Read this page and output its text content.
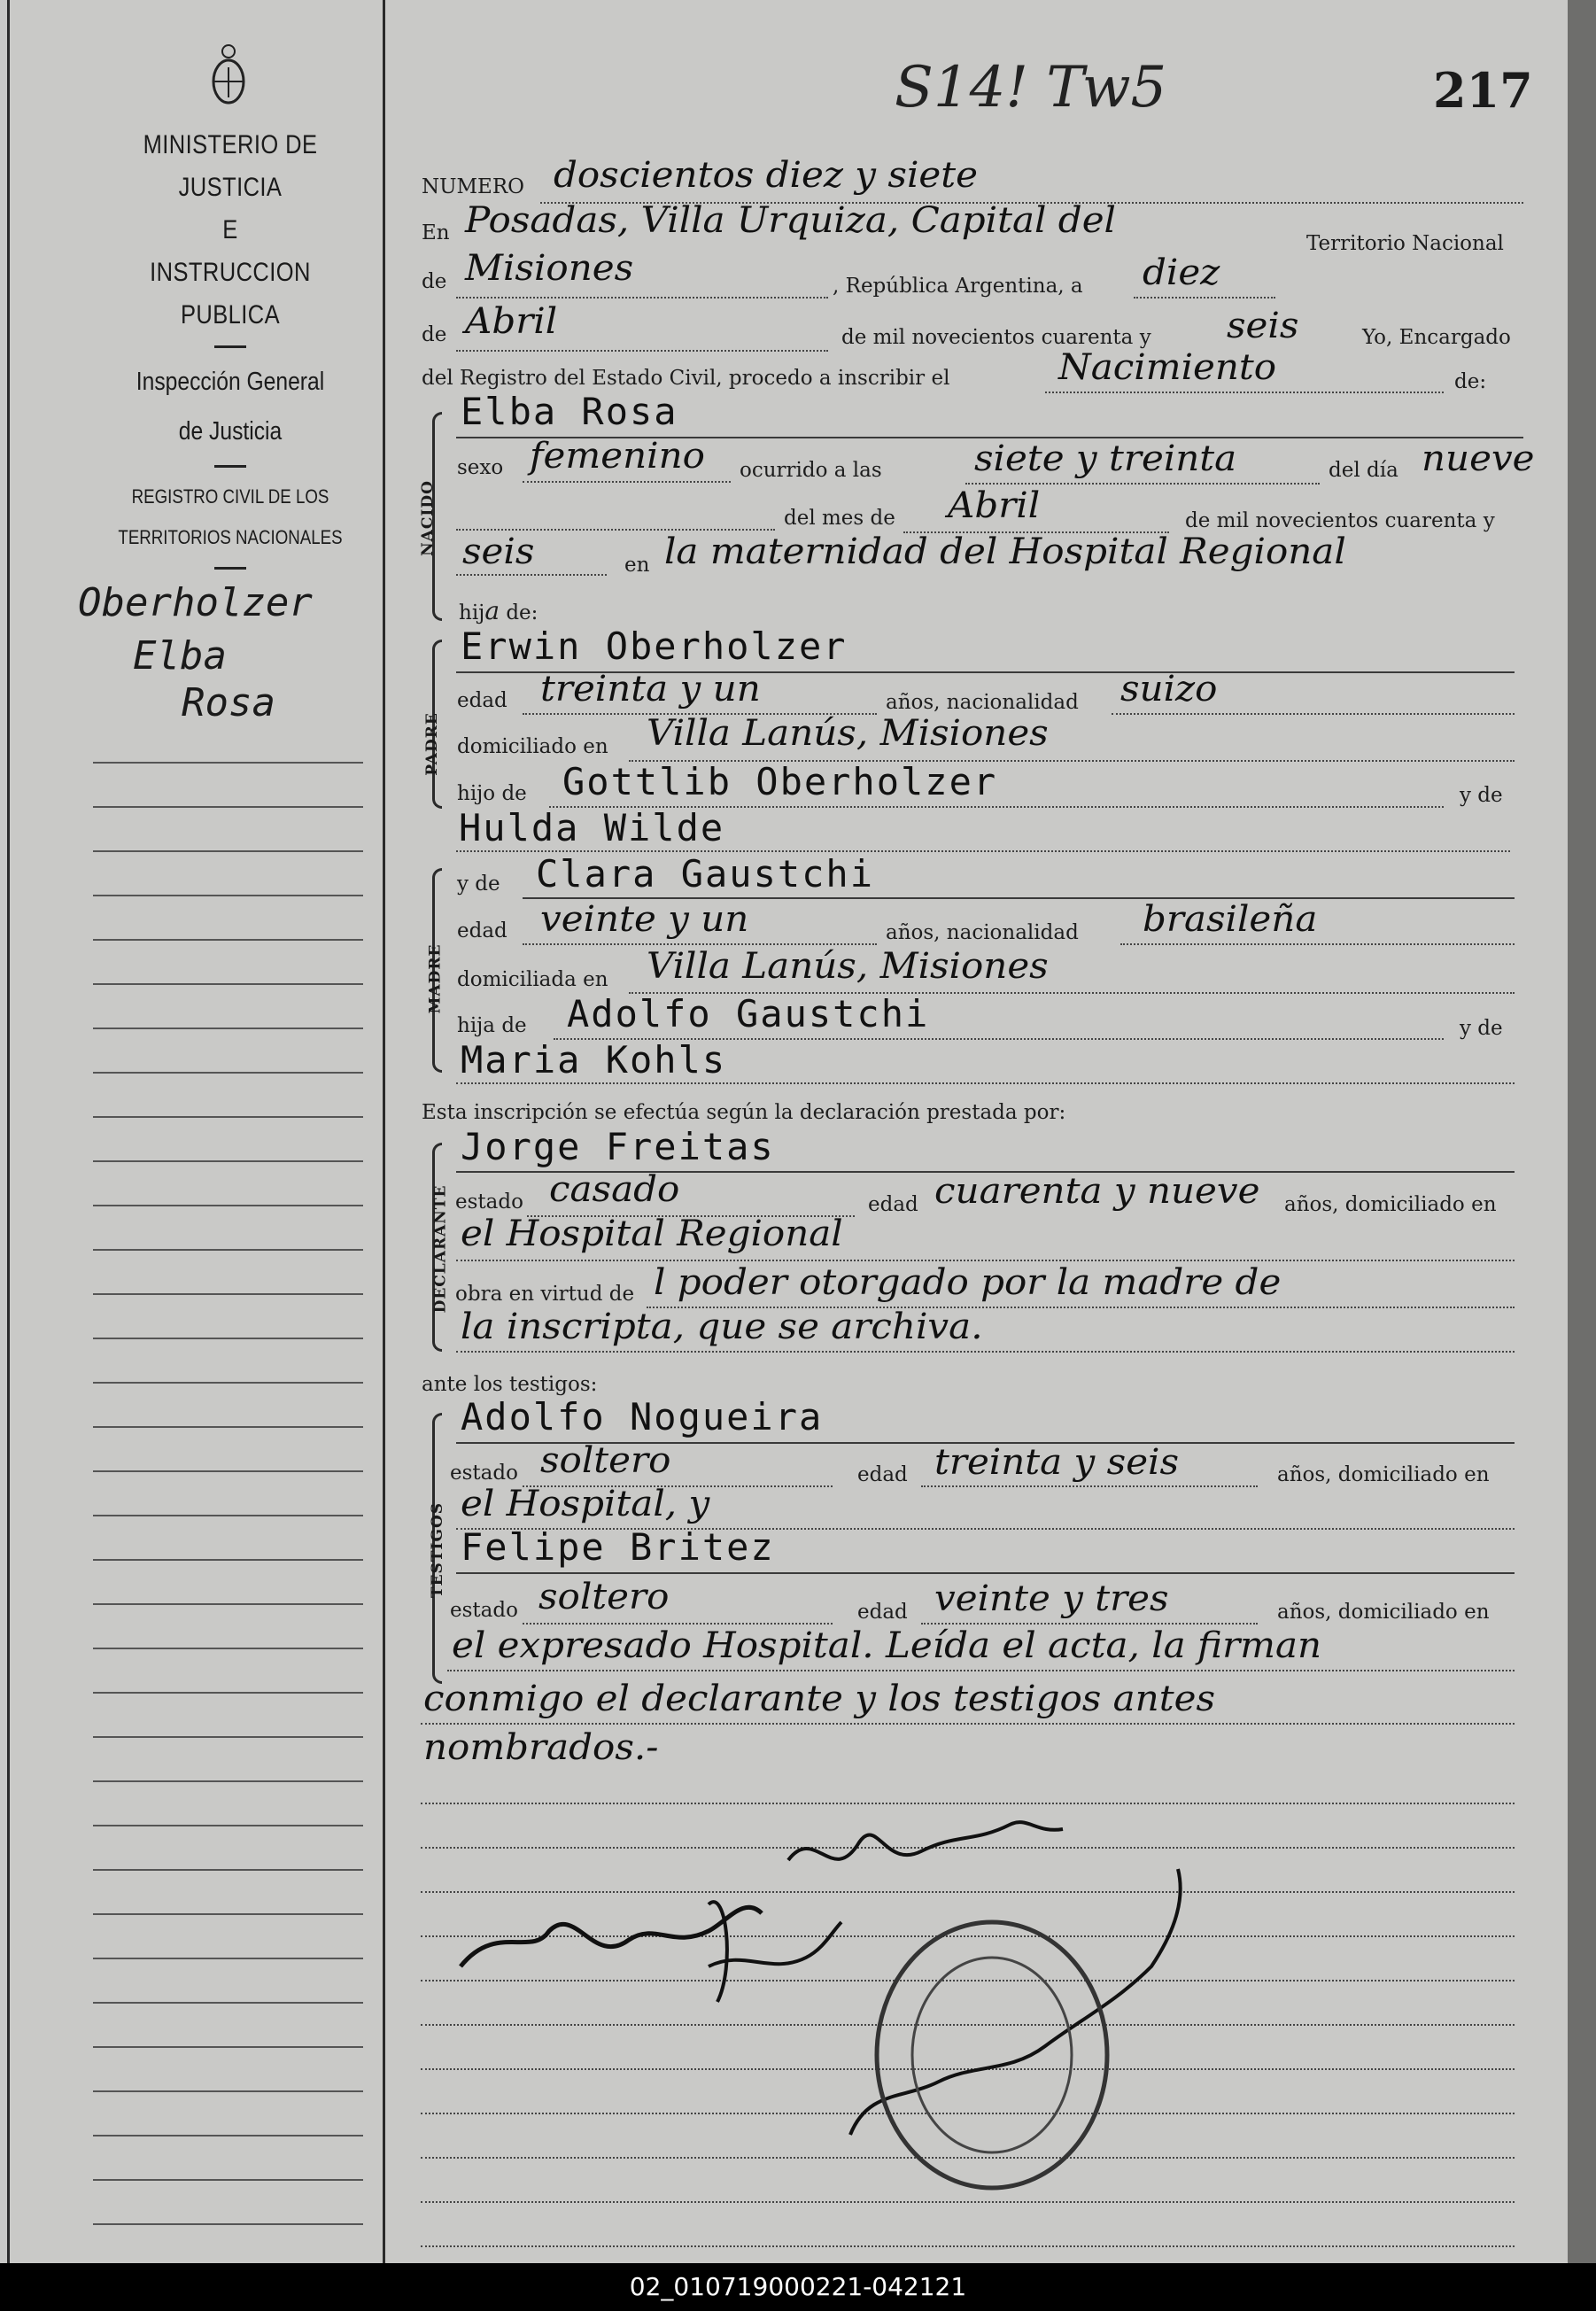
MINISTERIO DE JUSTICIA
E
INSTRUCCION PUBLICA
Inspección General
de Justicia
REGISTRO CIVIL DE LOS
TERRITORIOS NACIONALES
Oberholzer
Elba
Rosa
217
S14! Tw5
NUMERO doscientos diez y siete
En Posadas, Villa Urquiza, Capital del
Territorio Nacional
de Misiones	, República Argentina, a diez
de Abril	de mil novecientos cuarenta y seis	Yo, Encargado
del Registro del Estado Civil, procedo a inscribir el	Nacimiento	de:
NACIDO
Elba Rosa
sexo femenino ocurrido a las	siete y treinta	del día nueve
del mes de Abril	de mil novecientos cuarenta y
seis	en la maternidad del Hospital Regional
hija de:
PADRE
Erwin Oberholzer
edad treinta y un	años, nacionalidad suizo
domiciliado en Villa Lanús, Misiones
hijo de Gottlib Oberholzer	y de
Hulda Wilde
MADRE
y de Clara Gaustchi
edad veinte y un	años, nacionalidad brasileña
domiciliada en Villa Lanús, Misiones
hija de Adolfo Gaustchi	y de
Maria Kohls
Esta inscripción se efectúa según la declaración prestada por:
DECLARANTE
Jorge Freitas
estado casado	edad cuarenta y nueve años, domiciliado en
el Hospital Regional
obra en virtud de l poder otorgado por la madre de
la inscripta, que se archiva.
ante los testigos:
TESTIGOS
Adolfo Nogueira
estado soltero	edad treinta y seis	años, domiciliado en
el Hospital, y
Felipe Britez
estado soltero	edad veinte y tres	años, domiciliado en
el expresado Hospital. Leída el acta, la firman
conmigo el declarante y los testigos antes
nombrados.-
02_010719000221-042121
